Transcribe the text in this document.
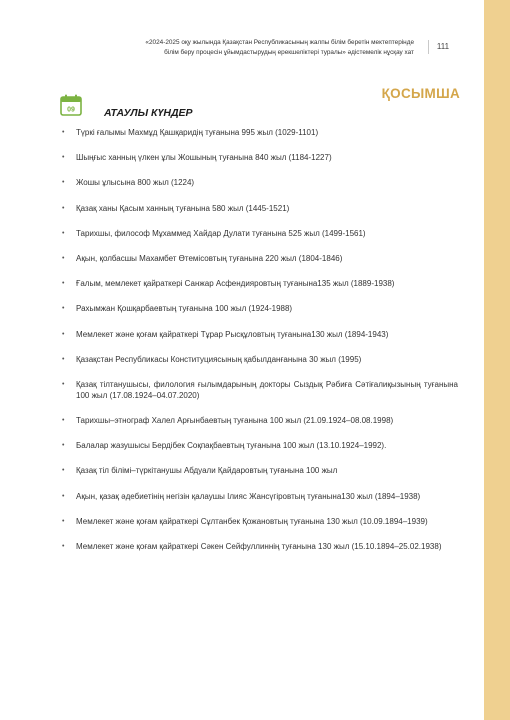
«2024-2025 оқу жылында Қазақстан Республикасының жалпы білім беретін мектептерінде
білім беру процесін ұйымдастырудың ерекшеліктері туралы» әдістемелік нұсқау хат
111
ҚОСЫМША
09	АТАУЛЫ КҮНДЕР
• Түркі ғалымы Махмұд Қашқаридің туғанына 995 жыл (1029-1101)
• Шыңғыс ханның үлкен ұлы Жошының туғанына 840 жыл (1184-1227)
• Жошы ұлысына 800 жыл (1224)
• Қазақ ханы Қасым ханның туғанына 580 жыл (1445-1521)
• Тарихшы, философ Мұхаммед Хайдар Дулати туғанына 525 жыл (1499-1561)
• Ақын, қолбасшы Махамбет Өтемісовтың туғанына 220 жыл (1804-1846)
• Ғалым, мемлекет қайраткері Санжар Асфендияровтың туғанына135 жыл (1889-1938)
• Рахымжан Қошқарбаевтың туғанына 100 жыл (1924-1988)
• Мемлекет және қоғам қайраткері Тұрар Рысқұловтың туғанына130 жыл (1894-1943)
• Қазақстан Республикасы Конституциясының қабылданғанына 30 жыл (1995)
• Қазақ тілтанушысы, филология ғылымдарының докторы Сыздық Рәбиға Сәтiғалиқызының туғанына 100 жыл (17.08.1924–04.07.2020)
• Тарихшы–этнограф Халел Арғынбаевтың туғанына 100 жыл (21.09.1924–08.08.1998)
• Балалар жазушысы Бердібек Соқпақбаевтың туғанына 100 жыл (13.10.1924–1992).
• Қазақ тіл білімі–түркітанушы Абдуали Қайдаровтың туғанына 100 жыл
• Ақын, қазақ әдебиетінің негізін қалаушы Ілияс Жансүгіровтың туғанына130 жыл (1894–1938)
• Мемлекет және қоғам қайраткері Сұлтанбек Қожановтың туғанына 130 жыл (10.09.1894–1939)
• Мемлекет және қоғам қайраткері Сәкен Сейфуллиннің туғанына 130 жыл (15.10.1894–25.02.1938)
